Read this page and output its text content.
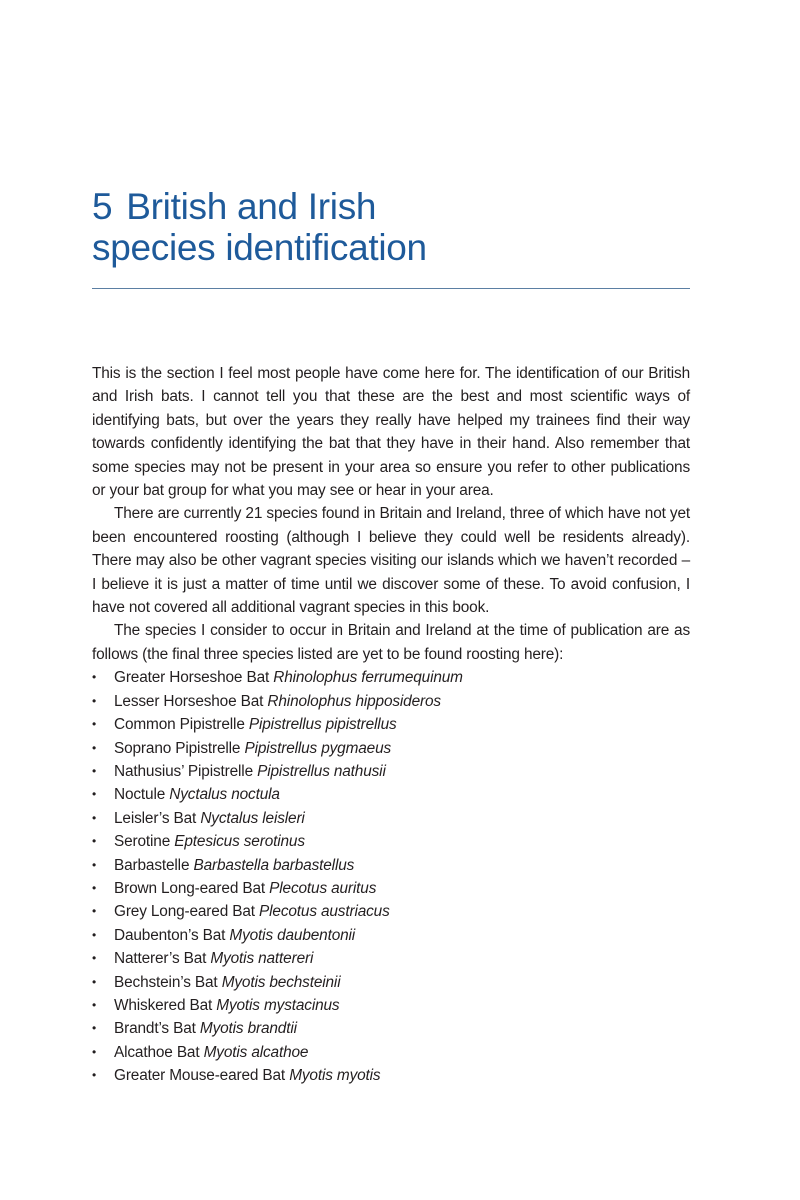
5 British and Irish
species identification

This is the section I feel most people have come here for. The identification of our British and Irish bats. I cannot tell you that these are the best and most scientific ways of identifying bats, but over the years they really have helped my trainees find their way towards confidently identifying the bat that they have in their hand. Also remember that some species may not be present in your area so ensure you refer to other publications or your bat group for what you may see or hear in your area.

There are currently 21 species found in Britain and Ireland, three of which have not yet been encountered roosting (although I believe they could well be residents already). There may also be other vagrant species visiting our islands which we haven’t recorded – I believe it is just a matter of time until we discover some of these. To avoid confusion, I have not covered all additional vagrant species in this book.

The species I consider to occur in Britain and Ireland at the time of publication are as follows (the final three species listed are yet to be found roosting here):

•	Greater Horseshoe Bat Rhinolophus ferrumequinum
•	Lesser Horseshoe Bat Rhinolophus hipposideros
•	Common Pipistrelle Pipistrellus pipistrellus
•	Soprano Pipistrelle Pipistrellus pygmaeus
•	Nathusius’ Pipistrelle Pipistrellus nathusii
•	Noctule Nyctalus noctula
•	Leisler’s Bat Nyctalus leisleri
•	Serotine Eptesicus serotinus
•	Barbastelle Barbastella barbastellus
•	Brown Long-eared Bat Plecotus auritus
•	Grey Long-eared Bat Plecotus austriacus
•	Daubenton’s Bat Myotis daubentonii
•	Natterer’s Bat Myotis nattereri
•	Bechstein’s Bat Myotis bechsteinii
•	Whiskered Bat Myotis mystacinus
•	Brandt’s Bat Myotis brandtii
•	Alcathoe Bat Myotis alcathoe
•	Greater Mouse-eared Bat Myotis myotis
